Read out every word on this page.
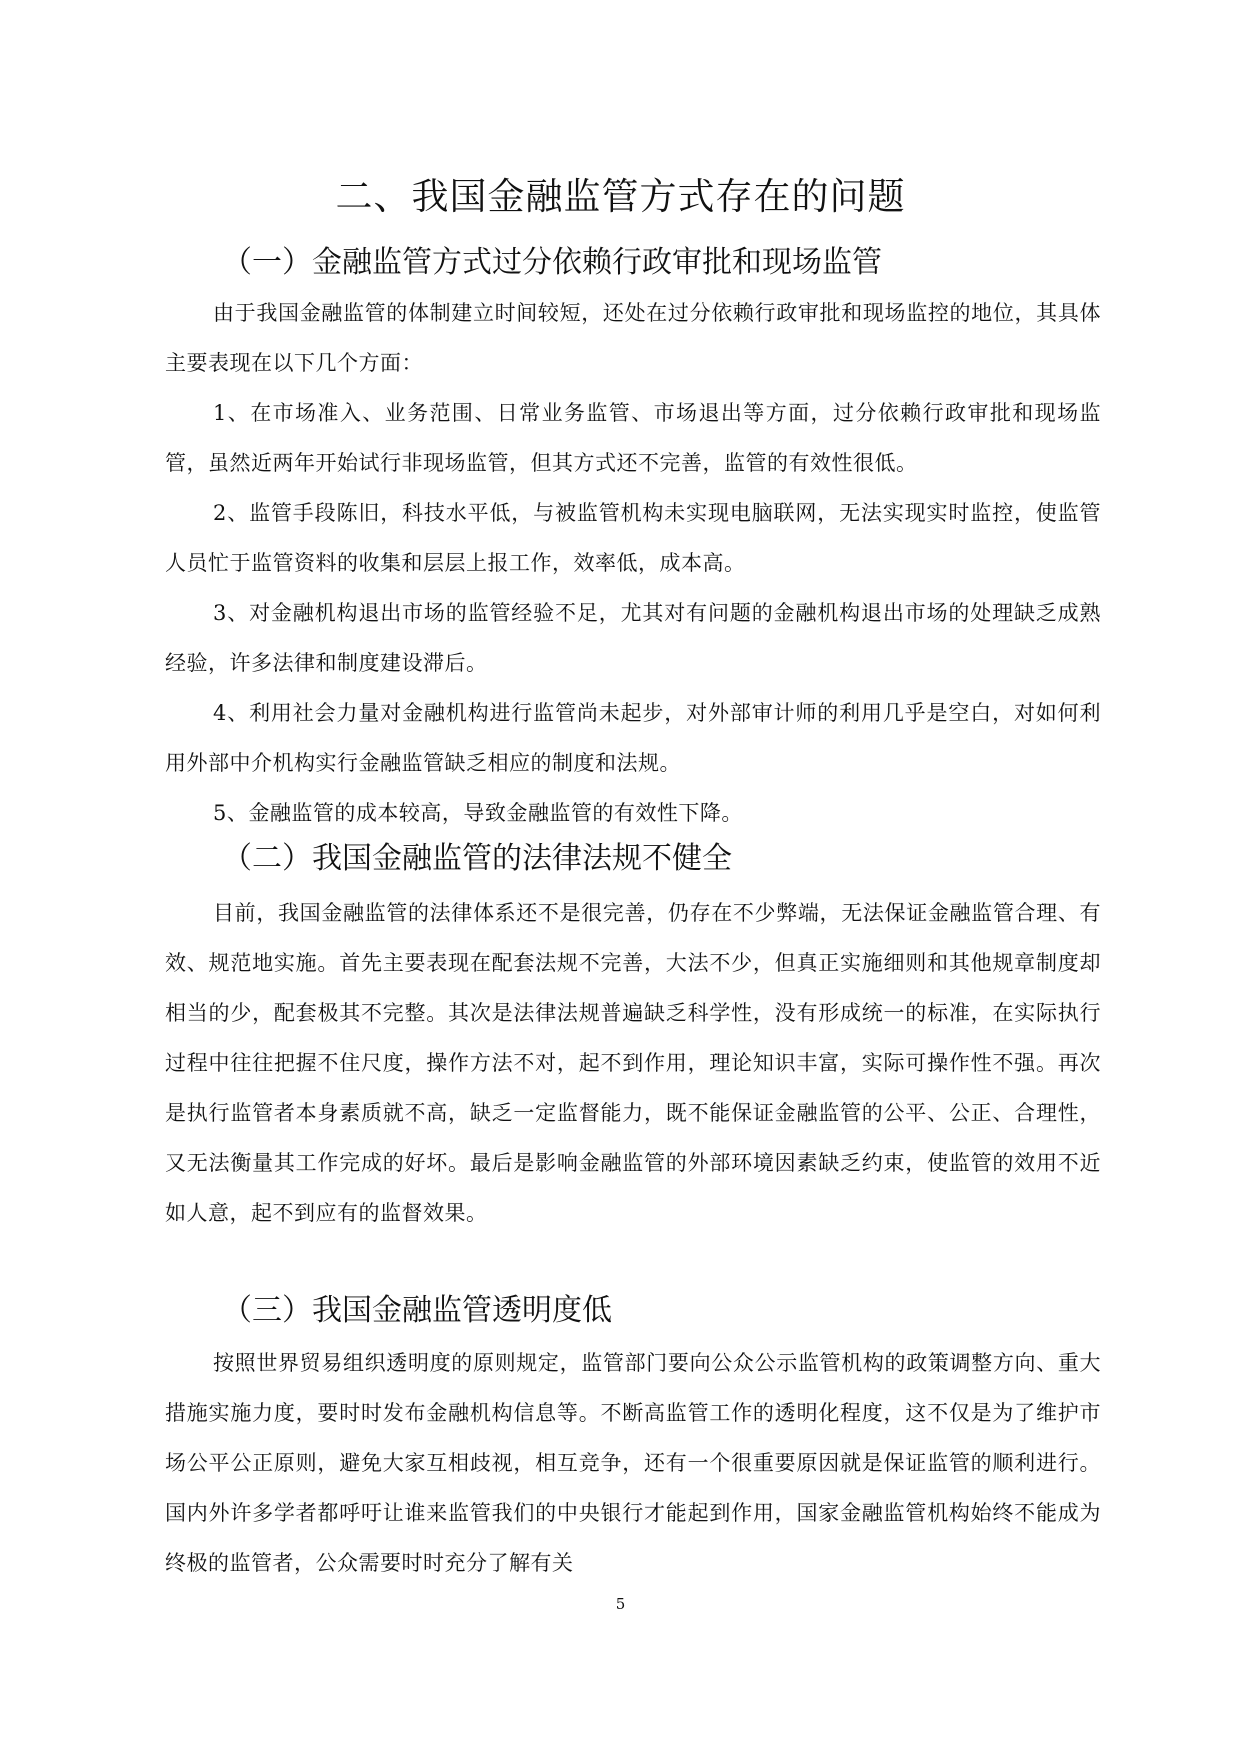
二、我国金融监管方式存在的问题
（一）金融监管方式过分依赖行政审批和现场监管

由于我国金融监管的体制建立时间较短，还处在过分依赖行政审批和现场监控的地位，其具体主要表现在以下几个方面：

1、在市场准入、业务范围、日常业务监管、市场退出等方面，过分依赖行政审批和现场监管，虽然近两年开始试行非现场监管，但其方式还不完善，监管的有效性很低。

2、监管手段陈旧，科技水平低，与被监管机构未实现电脑联网，无法实现实时监控，使监管人员忙于监管资料的收集和层层上报工作，效率低，成本高。

3、对金融机构退出市场的监管经验不足，尤其对有问题的金融机构退出市场的处理缺乏成熟经验，许多法律和制度建设滞后。

4、利用社会力量对金融机构进行监管尚未起步，对外部审计师的利用几乎是空白，对如何利用外部中介机构实行金融监管缺乏相应的制度和法规。

5、金融监管的成本较高，导致金融监管的有效性下降。

（二）我国金融监管的法律法规不健全

目前，我国金融监管的法律体系还不是很完善，仍存在不少弊端，无法保证金融监管合理、有效、规范地实施。首先主要表现在配套法规不完善，大法不少，但真正实施细则和其他规章制度却相当的少，配套极其不完整。其次是法律法规普遍缺乏科学性，没有形成统一的标准，在实际执行过程中往往把握不住尺度，操作方法不对，起不到作用，理论知识丰富，实际可操作性不强。再次是执行监管者本身素质就不高，缺乏一定监督能力，既不能保证金融监管的公平、公正、合理性，又无法衡量其工作完成的好坏。最后是影响金融监管的外部环境因素缺乏约束，使监管的效用不近如人意，起不到应有的监督效果。

（三）我国金融监管透明度低

按照世界贸易组织透明度的原则规定，监管部门要向公众公示监管机构的政策调整方向、重大措施实施力度，要时时发布金融机构信息等。不断高监管工作的透明化程度，这不仅是为了维护市场公平公正原则，避免大家互相歧视，相互竞争，还有一个很重要原因就是保证监管的顺利进行。国内外许多学者都呼吁让谁来监管我们的中央银行才能起到作用，国家金融监管机构始终不能成为终极的监管者，公众需要时时充分了解有关

5
